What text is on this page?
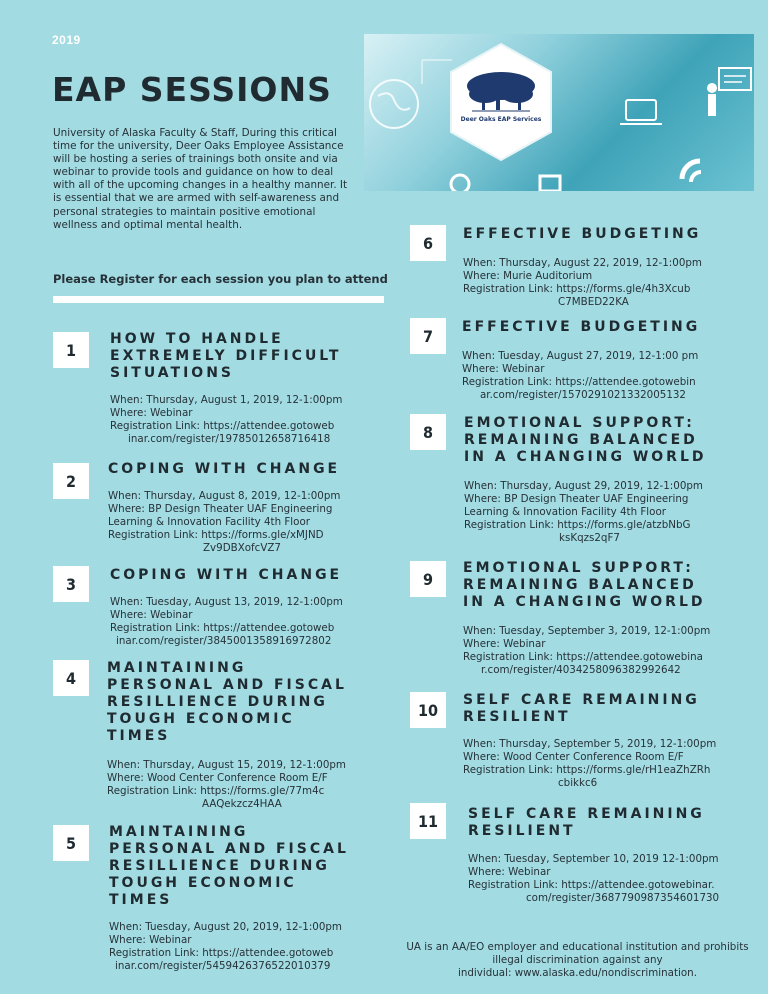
2019
EAP SESSIONS
University of Alaska Faculty & Staff, During this critical time for the university, Deer Oaks Employee Assistance will be hosting a series of trainings both onsite and via webinar to provide tools and guidance on how to deal with all of the upcoming changes in a healthy manner. It is essential that we are armed with self-awareness and personal strategies to maintain positive emotional wellness and optimal mental health.
Please Register for each session you plan to attend
Deer Oaks EAP Services
1
HOW TO HANDLE
EXTREMELY DIFFICULT
SITUATIONS
When: Thursday, August 1, 2019, 12-1:00pm
Where: Webinar
Registration Link: https://attendee.gotoweb
inar.com/register/19785012658716418
2
COPING WITH CHANGE
When: Thursday, August 8, 2019, 12-1:00pm
Where: BP Design Theater UAF Engineering
Learning & Innovation Facility 4th Floor
Registration Link: https://forms.gle/xMJND
Zv9DBXofcVZ7
3	COPING WITH CHANGE
When: Tuesday, August 13, 2019, 12-1:00pm
Where: Webinar
Registration Link: https://attendee.gotoweb
inar.com/register/3845001358916972802
4
MAINTAINING
PERSONAL AND FISCAL
RESILLIENCE DURING
TOUGH ECONOMIC
TIMES
When: Thursday, August 15, 2019, 12-1:00pm
Where: Wood Center Conference Room E/F
Registration Link: https://forms.gle/77m4c
AAQekzcz4HAA
5
MAINTAINING
PERSONAL AND FISCAL
RESILLIENCE DURING
TOUGH ECONOMIC
TIMES
When: Tuesday, August 20, 2019, 12-1:00pm
Where: Webinar
Registration Link: https://attendee.gotoweb
inar.com/register/5459426376522010379
6	EFFECTIVE BUDGETING
When: Thursday, August 22, 2019, 12-1:00pm
Where: Murie Auditorium
Registration Link: https://forms.gle/4h3Xcub
C7MBED22KA
7	EFFECTIVE BUDGETING
When: Tuesday, August 27, 2019, 12-1:00 pm
Where: Webinar
Registration Link: https://attendee.gotowebin
ar.com/register/1570291021332005132
8	EMOTIONAL SUPPORT:
REMAINING BALANCED
IN A CHANGING WORLD
When: Thursday, August 29, 2019, 12-1:00pm
Where: BP Design Theater UAF Engineering
Learning & Innovation Facility 4th Floor
Registration Link: https://forms.gle/atzbNbG
ksKqzs2qF7
9
EMOTIONAL SUPPORT:
REMAINING BALANCED
IN A CHANGING WORLD
When: Tuesday, September 3, 2019, 12-1:00pm
Where: Webinar
Registration Link: https://attendee.gotowebina
r.com/register/4034258096382992642
10
SELF CARE REMAINING
RESILIENT
When: Thursday, September 5, 2019, 12-1:00pm
Where: Wood Center Conference Room E/F
Registration Link: https://forms.gle/rH1eaZhZRh
cbikkc6
11	SELF CARE REMAINING
RESILIENT
When: Tuesday, September 10, 2019 12-1:00pm
Where: Webinar
Registration Link: https://attendee.gotowebinar.
com/register/3687790987354601730
UA is an AA/EO employer and educational institution and prohibits
illegal discrimination against any
individual: www.alaska.edu/nondiscrimination.
